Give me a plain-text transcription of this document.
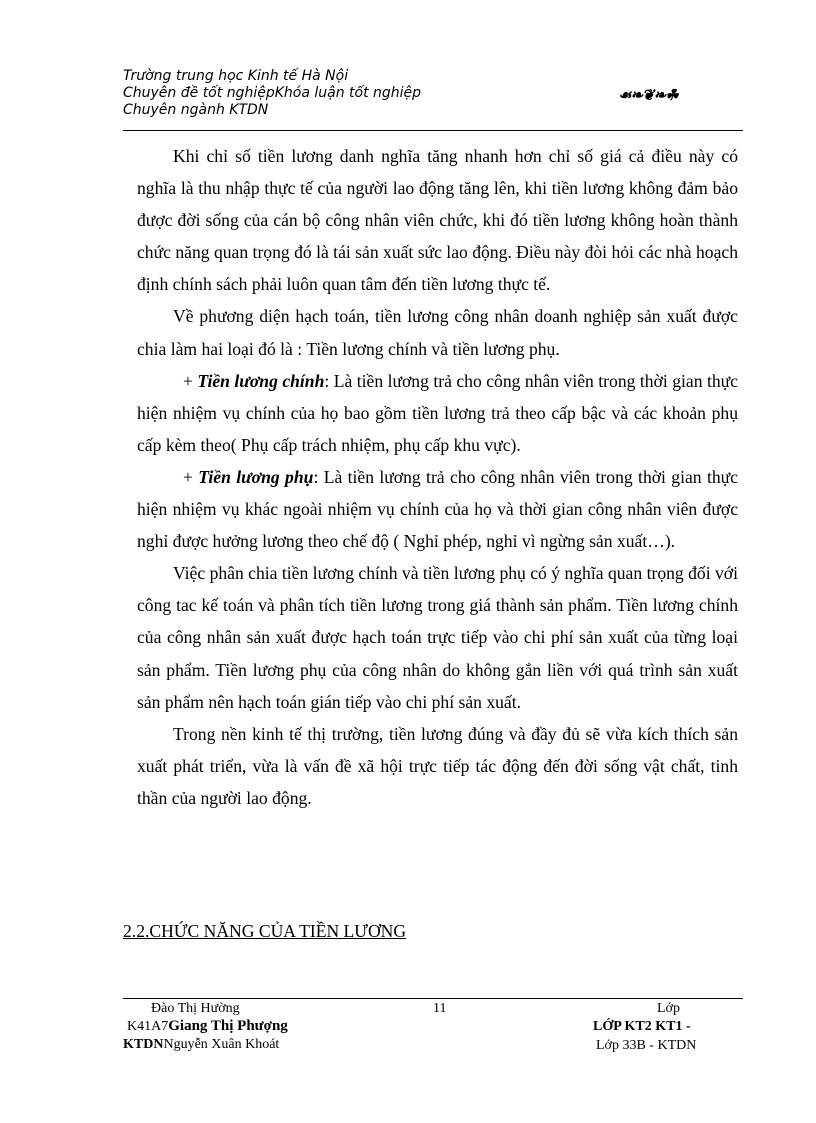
Trường trung học Kinh tế Hà Nội
Chuyên đề tốt nghiệpKhóa luận tốt nghiệp
Chuyên ngành KTDN
☙❧❦❧☘

Khi chỉ số tiền lương danh nghĩa tăng nhanh hơn chỉ số giá cả điều này có nghĩa là thu nhập thực tế của người lao động tăng lên, khi tiền lương không đảm bảo được đời sống của cán bộ công nhân viên chức, khi đó tiền lương không hoàn thành chức năng quan trọng đó là tái sản xuất sức lao động. Điều này đòi hỏi các nhà hoạch định chính sách phải luôn quan tâm đến tiền lương thực tế.

Về phương diện hạch toán, tiền lương công nhân doanh nghiệp sản xuất được chia làm hai loại đó là : Tiền lương chính và tiền lương phụ.

+ Tiền lương chính: Là tiền lương trả cho công nhân viên trong thời gian thực hiện nhiệm vụ chính của họ bao gồm tiền lương trả theo cấp bậc và các khoản phụ cấp kèm theo( Phụ cấp trách nhiệm, phụ cấp khu vực).

+ Tiền lương phụ: Là tiền lương trả cho công nhân viên trong thời gian thực hiện nhiệm vụ khác ngoài nhiệm vụ chính của họ và thời gian công nhân viên được nghỉ được hưởng lương theo chế độ ( Nghỉ phép, nghỉ vì ngừng sản xuất…).

Việc phân chia tiền lương chính và tiền lương phụ có ý nghĩa quan trọng đối với công tac kế toán và phân tích tiền lương trong giá thành sản phẩm. Tiền lương chính của công nhân sản xuất được hạch toán trực tiếp vào chi phí sản xuất của từng loại sản phẩm. Tiền lương phụ của công nhân do không gắn liền với quá trình sản xuất sản phẩm nên hạch toán gián tiếp vào chi phí sản xuất.

Trong nền kinh tế thị trường, tiền lương đúng và đầy đủ sẽ vừa kích thích sản xuất phát triển, vừa là vấn đề xã hội trực tiếp tác động đến đời sống vật chất, tinh thần của người lao động.

2.2.CHỨC NĂNG CỦA TIỀN LƯƠNG
Đào Thị Hường
K41A7Giang Thị Phượng
KTDNNguyễn Xuân Khoát
11	Lớp
LỚP KT2 KT1 -
Lớp 33B - KTDN
